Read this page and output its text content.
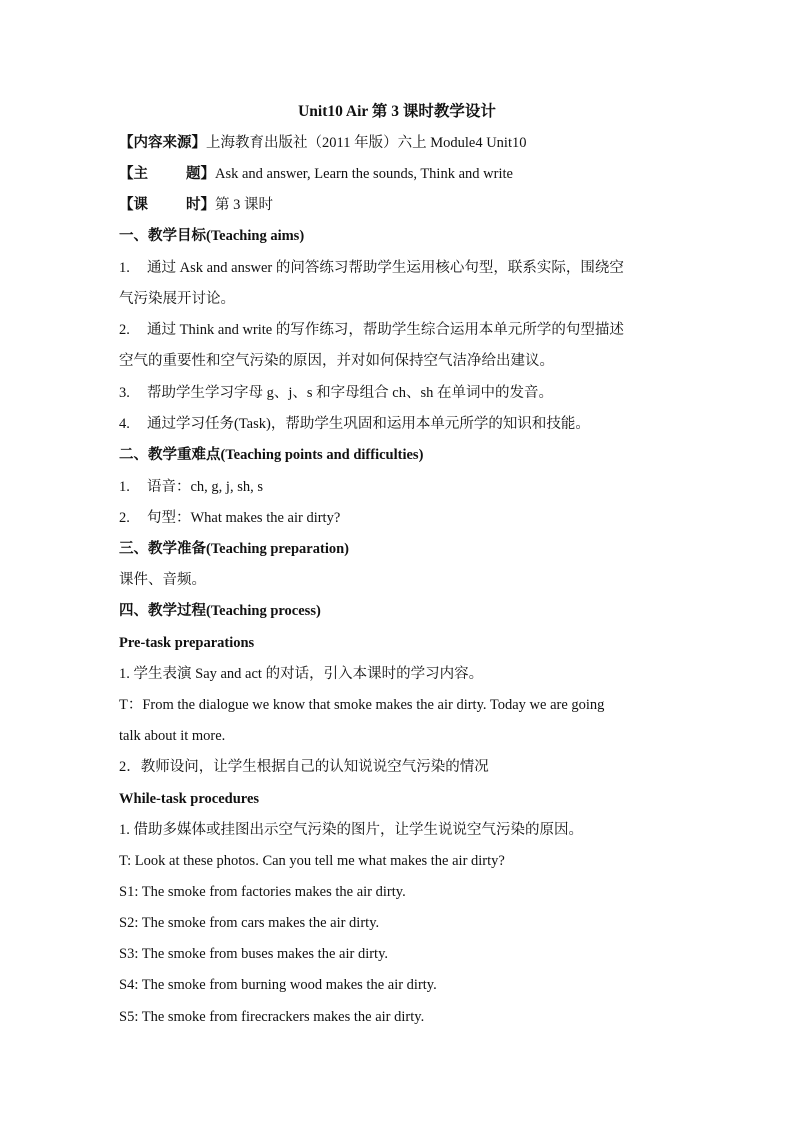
Unit10 Air 第 3 课时教学设计
【内容来源】上海教育出版社（2011 年版）六上 Module4 Unit10
【主	题】 Ask and answer, Learn the sounds, Think and write
【课	时】 第 3 课时
一、教学目标(Teaching aims)
1. 通过 Ask and answer 的问答练习帮助学生运用核心句型，联系实际，围绕空
气污染展开讨论。
2. 通过 Think and write 的写作练习，帮助学生综合运用本单元所学的句型描述
空气的重要性和空气污染的原因，并对如何保持空气洁净给出建议。
3. 帮助学生学习字母 g、j、s 和字母组合 ch、sh 在单词中的发音。
4. 通过学习任务(Task)，帮助学生巩固和运用本单元所学的知识和技能。
二、教学重难点(Teaching points and difficulties)
1. 语音：ch, g, j, sh, s
2. 句型：What makes the air dirty?
三、教学准备(Teaching preparation)
课件、音频。
四、教学过程(Teaching process)
Pre-task preparations
1. 学生表演 Say and act 的对话，引入本课时的学习内容。
T：From the dialogue we know that smoke makes the air dirty. Today we are going
talk about it more.
2．教师设问，让学生根据自己的认知说说空气污染的情况
While-task procedures
1. 借助多媒体或挂图出示空气污染的图片，让学生说说空气污染的原因。
T: Look at these photos. Can you tell me what makes the air dirty?
S1: The smoke from factories makes the air dirty.
S2: The smoke from cars makes the air dirty.
S3: The smoke from buses makes the air dirty.
S4: The smoke from burning wood makes the air dirty.
S5: The smoke from firecrackers makes the air dirty.
